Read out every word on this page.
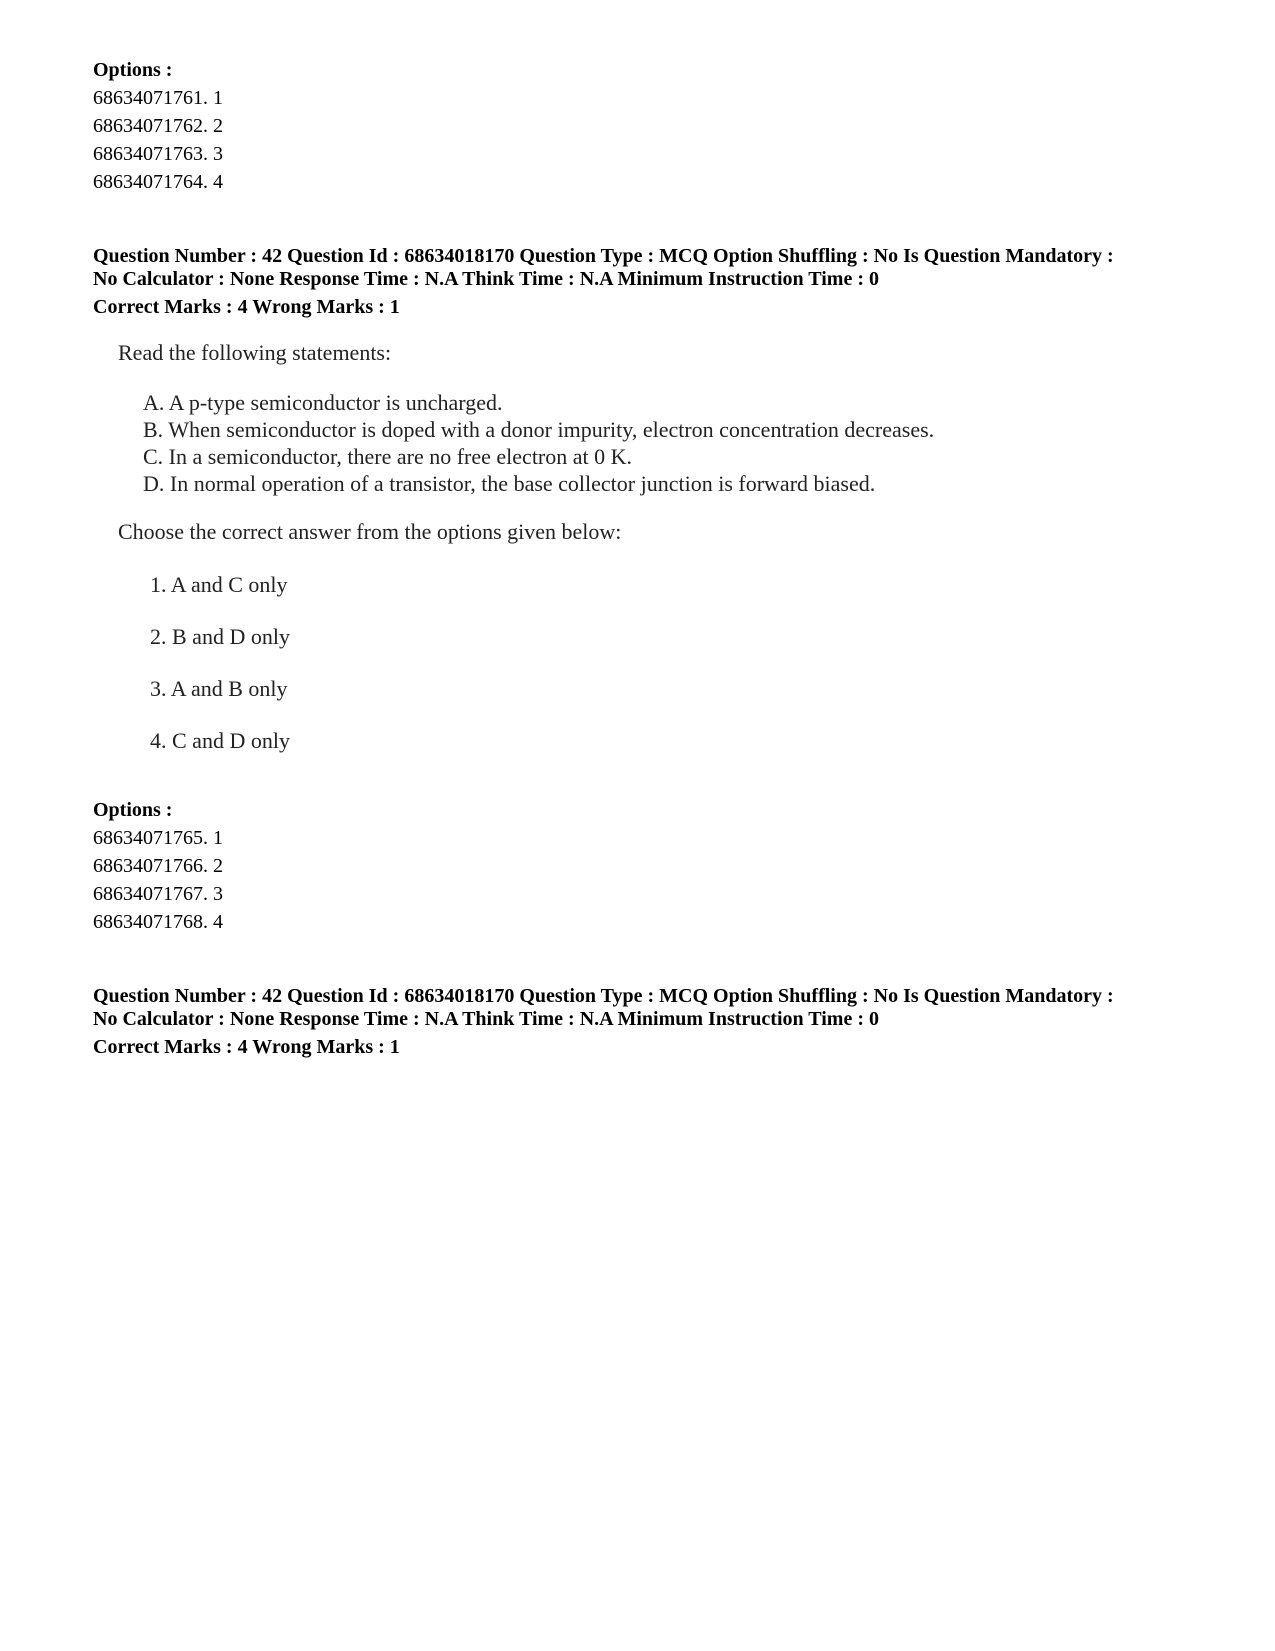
Options :
68634071761. 1
68634071762. 2
68634071763. 3
68634071764. 4
Question Number : 42 Question Id : 68634018170 Question Type : MCQ Option Shuffling : No Is Question Mandatory :
No Calculator : None Response Time : N.A Think Time : N.A Minimum Instruction Time : 0
Correct Marks : 4 Wrong Marks : 1
Read the following statements:
A. A p-type semiconductor is uncharged.
B. When semiconductor is doped with a donor impurity, electron concentration decreases.
C. In a semiconductor, there are no free electron at 0 K.
D. In normal operation of a transistor, the base collector junction is forward biased.
Choose the correct answer from the options given below:
1. A and C only
2. B and D only
3. A and B only
4. C and D only
Options :
68634071765. 1
68634071766. 2
68634071767. 3
68634071768. 4
Question Number : 42 Question Id : 68634018170 Question Type : MCQ Option Shuffling : No Is Question Mandatory :
No Calculator : None Response Time : N.A Think Time : N.A Minimum Instruction Time : 0
Correct Marks : 4 Wrong Marks : 1
